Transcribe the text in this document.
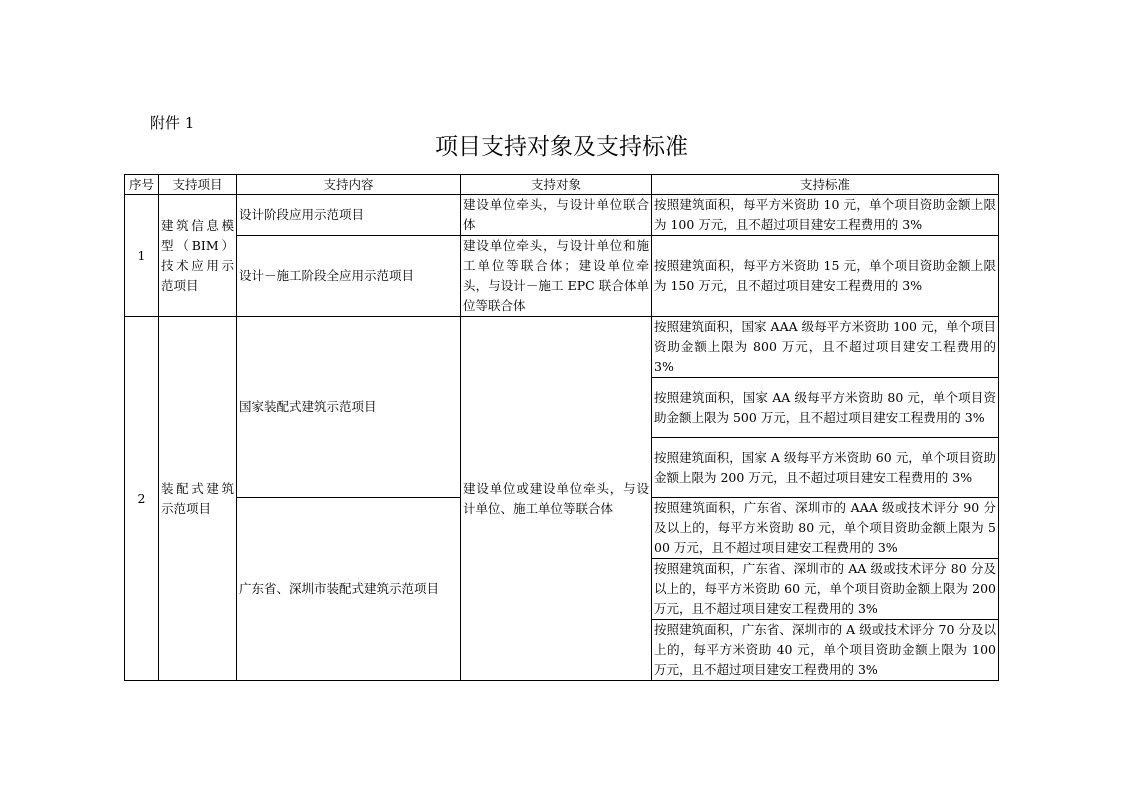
附件 1
项目支持对象及支持标准
序号	支持项目	支持内容	支持对象	支持标准
1	建筑信息模型（BIM）技术应用示范项目	设计阶段应用示范项目	建设单位牵头，与设计单位联合体	按照建筑面积，每平方米资助 10 元，单个项目资助金额上限为 100 万元，且不超过项目建安工程费用的 3%
		设计－施工阶段全应用示范项目	建设单位牵头，与设计单位和施工单位等联合体；建设单位牵头，与设计－施工 EPC 联合体单位等联合体	按照建筑面积，每平方米资助 15 元，单个项目资助金额上限为 150 万元，且不超过项目建安工程费用的 3%
2	装配式建筑示范项目	国家装配式建筑示范项目	建设单位或建设单位牵头，与设计单位、施工单位等联合体	按照建筑面积，国家 AAA 级每平方米资助 100 元，单个项目资助金额上限为 800 万元，且不超过项目建安工程费用的 3%
				按照建筑面积，国家 AA 级每平方米资助 80 元，单个项目资助金额上限为 500 万元，且不超过项目建安工程费用的 3%
				按照建筑面积，国家 A 级每平方米资助 60 元，单个项目资助金额上限为 200 万元，且不超过项目建安工程费用的 3%
		广东省、深圳市装配式建筑示范项目		按照建筑面积，广东省、深圳市的 AAA 级或技术评分 90 分及以上的，每平方米资助 80 元，单个项目资助金额上限为 500 万元，且不超过项目建安工程费用的 3%
				按照建筑面积，广东省、深圳市的 AA 级或技术评分 80 分及以上的，每平方米资助 60 元，单个项目资助金额上限为 200 万元，且不超过项目建安工程费用的 3%
				按照建筑面积，广东省、深圳市的 A 级或技术评分 70 分及以上的，每平方米资助 40 元，单个项目资助金额上限为 100 万元，且不超过项目建安工程费用的 3%
